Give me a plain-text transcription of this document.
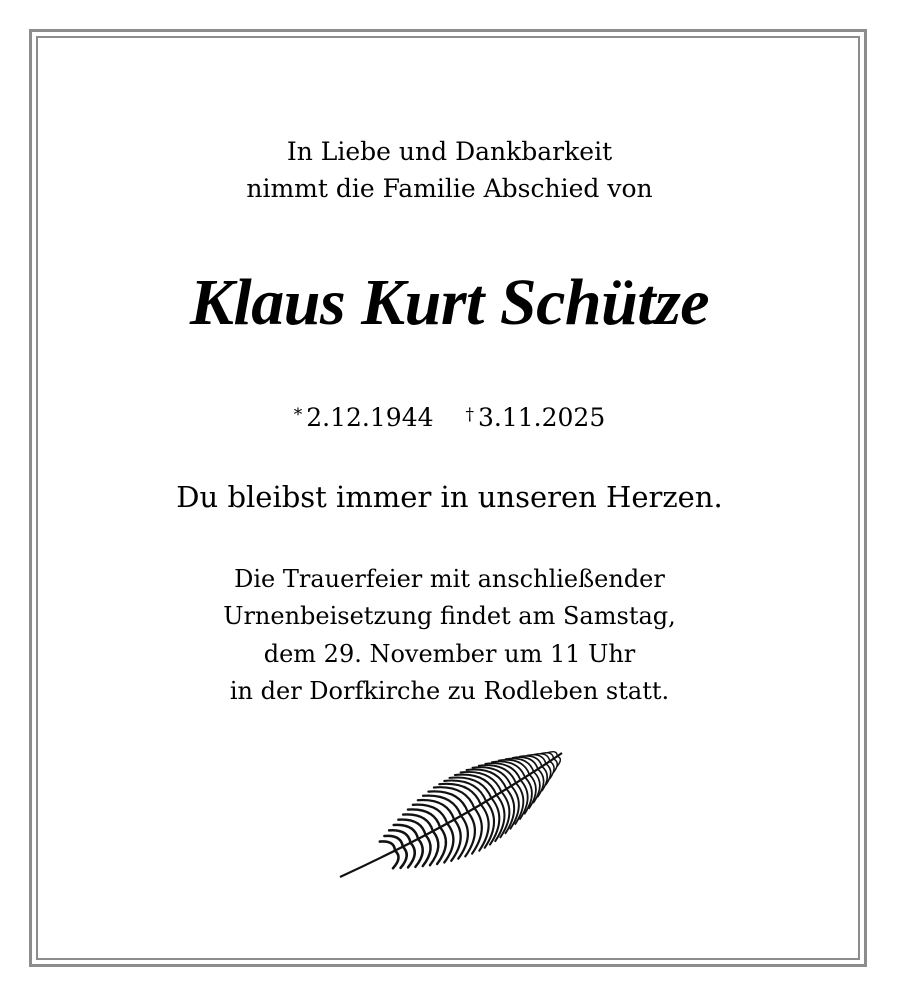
In Liebe und Dankbarkeit
nimmt die Familie Abschied von
Klaus Kurt Schütze
* 2.12.1944 † 3.11.2025
Du bleibst immer in unseren Herzen.
Die Trauerfeier mit anschließender
Urnenbeisetzung findet am Samstag,
dem 29. November um 11 Uhr
in der Dorfkirche zu Rodleben statt.
